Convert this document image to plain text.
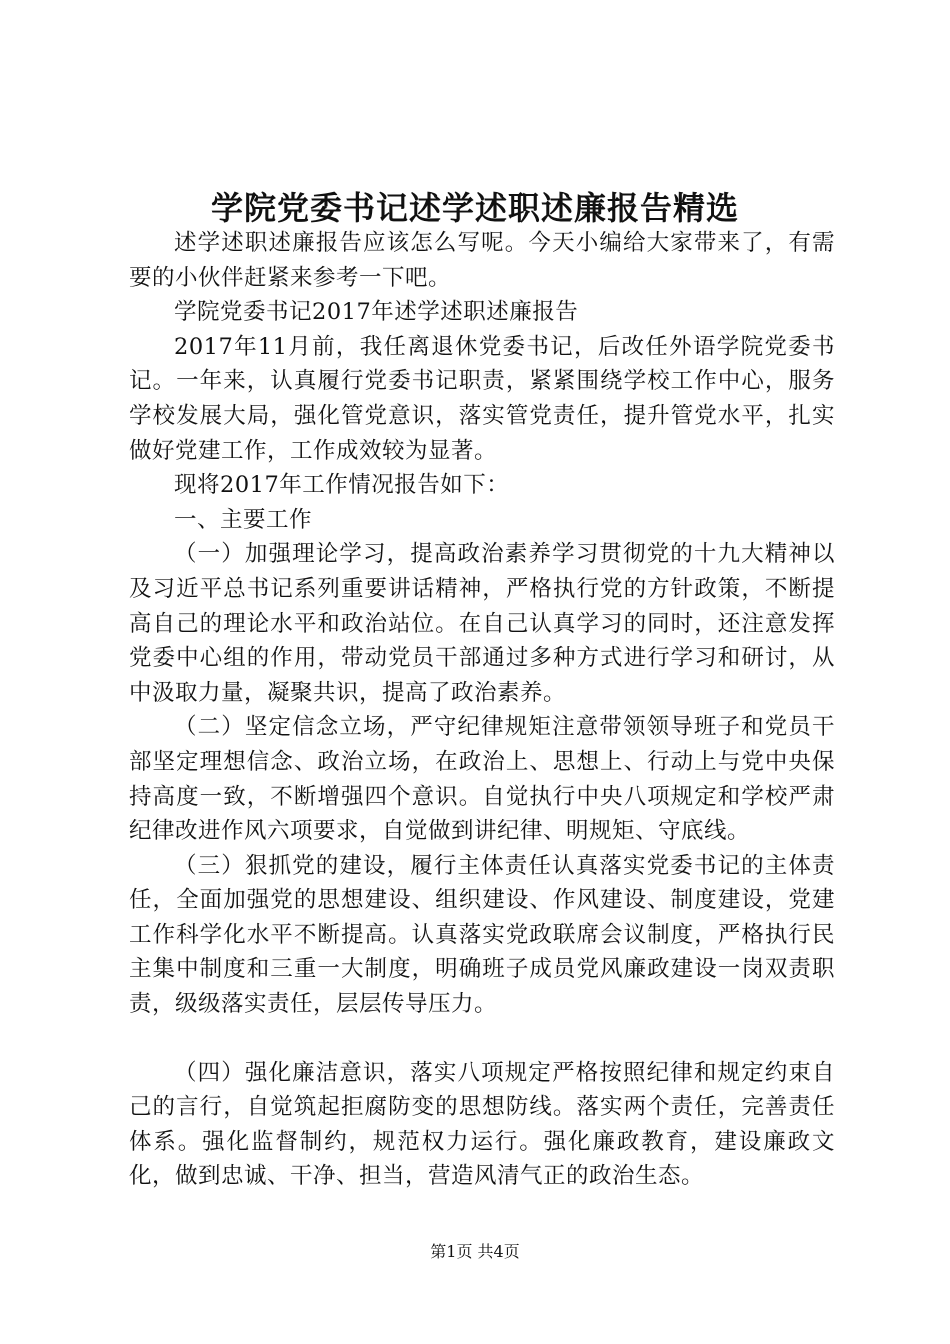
学院党委书记述学述职述廉报告精选

述学述职述廉报告应该怎么写呢。今天小编给大家带来了，有需要的小伙伴赶紧来参考一下吧。

学院党委书记2017年述学述职述廉报告

2017年11月前，我任离退休党委书记，后改任外语学院党委书记。一年来，认真履行党委书记职责，紧紧围绕学校工作中心，服务学校发展大局，强化管党意识，落实管党责任，提升管党水平，扎实做好党建工作，工作成效较为显著。

现将2017年工作情况报告如下：

一、主要工作

（一）加强理论学习，提高政治素养学习贯彻党的十九大精神以及习近平总书记系列重要讲话精神，严格执行党的方针政策，不断提高自己的理论水平和政治站位。在自己认真学习的同时，还注意发挥党委中心组的作用，带动党员干部通过多种方式进行学习和研讨，从中汲取力量，凝聚共识，提高了政治素养。

（二）坚定信念立场，严守纪律规矩注意带领领导班子和党员干部坚定理想信念、政治立场，在政治上、思想上、行动上与党中央保持高度一致，不断增强四个意识。自觉执行中央八项规定和学校严肃纪律改进作风六项要求，自觉做到讲纪律、明规矩、守底线。

（三）狠抓党的建设，履行主体责任认真落实党委书记的主体责任，全面加强党的思想建设、组织建设、作风建设、制度建设，党建工作科学化水平不断提高。认真落实党政联席会议制度，严格执行民主集中制度和三重一大制度，明确班子成员党风廉政建设一岗双责职责，级级落实责任，层层传导压力。

（四）强化廉洁意识，落实八项规定严格按照纪律和规定约束自己的言行，自觉筑起拒腐防变的思想防线。落实两个责任，完善责任体系。强化监督制约，规范权力运行。强化廉政教育，建设廉政文化，做到忠诚、干净、担当，营造风清气正的政治生态。

第1页 共4页
